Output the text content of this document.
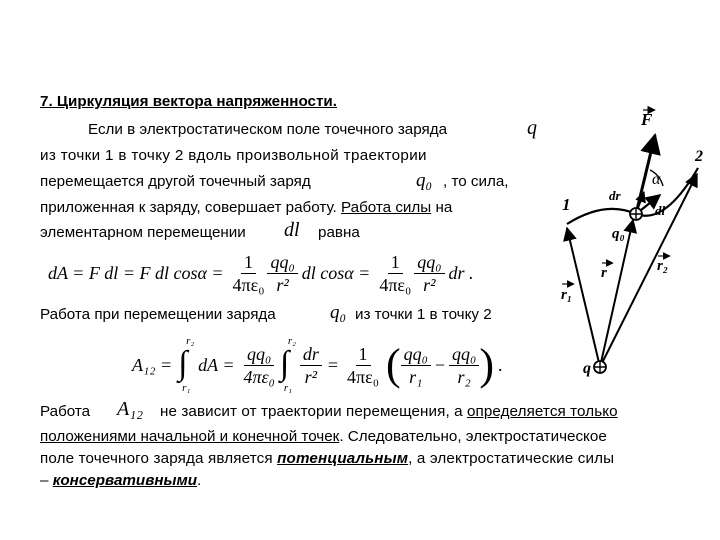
7. Циркуляция вектора напряженности.
Если в электростатическом поле точечного заряда	q
из точки 1 в точку 2 вдоль произвольной траектории
перемещается другой точечный заряд	q₀ , то сила,
приложенная к заряду, совершает работу. Работа силы на
элементарном перемещении dl равна
dA = F dl = F dl $\cos\alpha = \frac{1}{\text{4πε₀}} \frac{\text{qq₀}}{\text{r²}}$ dl $\cos\alpha = \frac{1}{\text{4πε₀}} \frac{\text{qq₀}}{\text{r²}}$ dr .
Работа при перемещении заряда	q₀ из точки 1 в точку 2
A₁₂ =
r₂
∫
r₁
dA = $\frac{\text{qq₀}}{\text{4πε₀}}$
r₂
∫
r₁
$\frac{dr}{\text{r²}} = \frac{1}{\text{4πε₀}}$ ( $\frac{\text{qq₀}}{\text{r₁}} - \frac{\text{qq₀}}{\text{r₂}}$ ) .
Работа A₁₂ не зависит от траектории перемещения, а определяется только
положениями начальной и конечной точек. Следовательно, электростатическое
поле точечного заряда является потенциальным, а электростатические силы
– консервативными.
F
α
dr
dl
q₀
r
r₁
r₂
q
1
2
